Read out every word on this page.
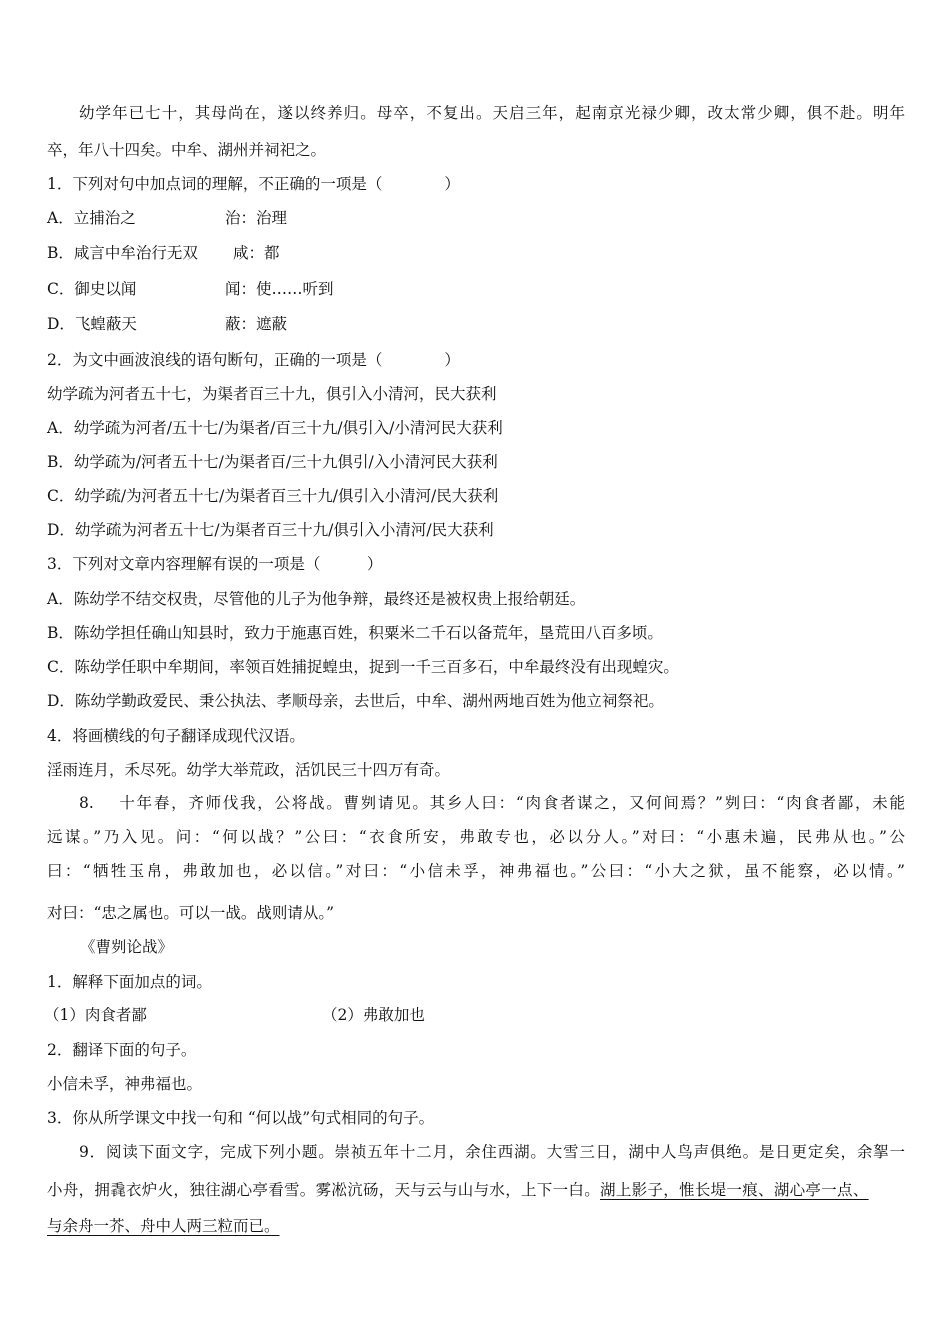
幼学年已七十，其母尚在，遂以终养归。母卒，不复出。天启三年，起南京光禄少卿，改太常少卿，俱不赴。明年
卒，年八十四矣。中牟、湖州并祠祀之。
1．下列对句中加点词的理解，不正确的一项是（　　　　）
A．立捕治之	治：治理
B．咸言中牟治行无双 咸：都
C．御史以闻	闻：使……听到
D．飞蝗蔽天	蔽：遮蔽
2．为文中画波浪线的语句断句，正确的一项是（　　　　）
幼学疏为河者五十七，为渠者百三十九，俱引入小清河，民大获利
A．幼学疏为河者/五十七/为渠者/百三十九/俱引入/小清河民大获利
B．幼学疏为/河者五十七/为渠者百/三十九俱引/入小清河民大获利
C．幼学疏/为河者五十七/为渠者百三十九/俱引入小清河/民大获利
D．幼学疏为河者五十七/为渠者百三十九/俱引入小清河/民大获利
3．下列对文章内容理解有误的一项是（　　　）
A．陈幼学不结交权贵，尽管他的儿子为他争辩，最终还是被权贵上报给朝廷。
B．陈幼学担任确山知县时，致力于施惠百姓，积粟米二千石以备荒年，垦荒田八百多顷。
C．陈幼学任职中牟期间，率领百姓捕捉蝗虫，捉到一千三百多石，中牟最终没有出现蝗灾。
D．陈幼学勤政爱民、秉公执法、孝顺母亲，去世后，中牟、湖州两地百姓为他立祠祭祀。
4．将画横线的句子翻译成现代汉语。
淫雨连月，禾尽死。幼学大举荒政，活饥民三十四万有奇。
8.　 十年春，齐师伐我，公将战。曹刿请见。其乡人曰：“肉食者谋之，又何间焉？”刿曰：“肉食者鄙，未能
远谋。”乃入见。问：“何以战？”公曰：“衣食所安，弗敢专也，必以分人。”对曰：“小惠未遍，民弗从也。”公
曰：“牺牲玉帛，弗敢加也，必以信。”对曰：“小信未孚，神弗福也。”公曰：“小大之狱，虽不能察，必以情。”
对曰：“忠之属也。可以一战。战则请从。”
《曹刿论战》
1．解释下面加点的词。
（1）肉食者鄙	（2）弗敢加也
2．翻译下面的句子。
小信未孚，神弗福也。
3．你从所学课文中找一句和 “何以战”句式相同的句子。
9．阅读下面文字，完成下列小题。崇祯五年十二月，余住西湖。大雪三日，湖中人鸟声俱绝。是日更定矣，余挐一
小舟，拥毳衣炉火，独往湖心亭看雪。雾凇沆砀，天与云与山与水，上下一白。湖上影子，惟长堤一痕、湖心亭一点、
与余舟一芥、舟中人两三粒而已。
